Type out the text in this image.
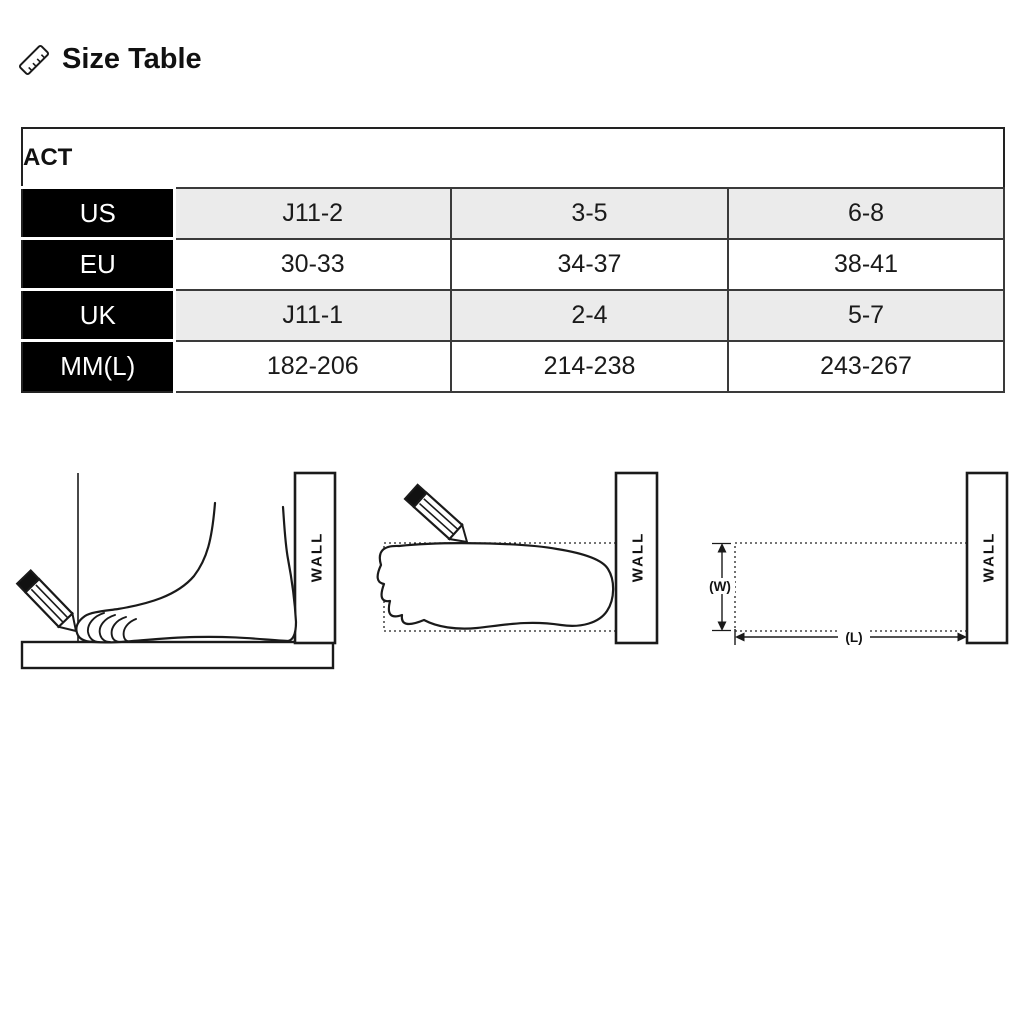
Size Table
ACT			
US	J11-2	3-5	6-8
EU	30-33	34-37	38-41
UK	J11-1	2-4	5-7
MM(L)	182-206	214-238	243-267
WALL	WALL	WALL
(W)
(L)
